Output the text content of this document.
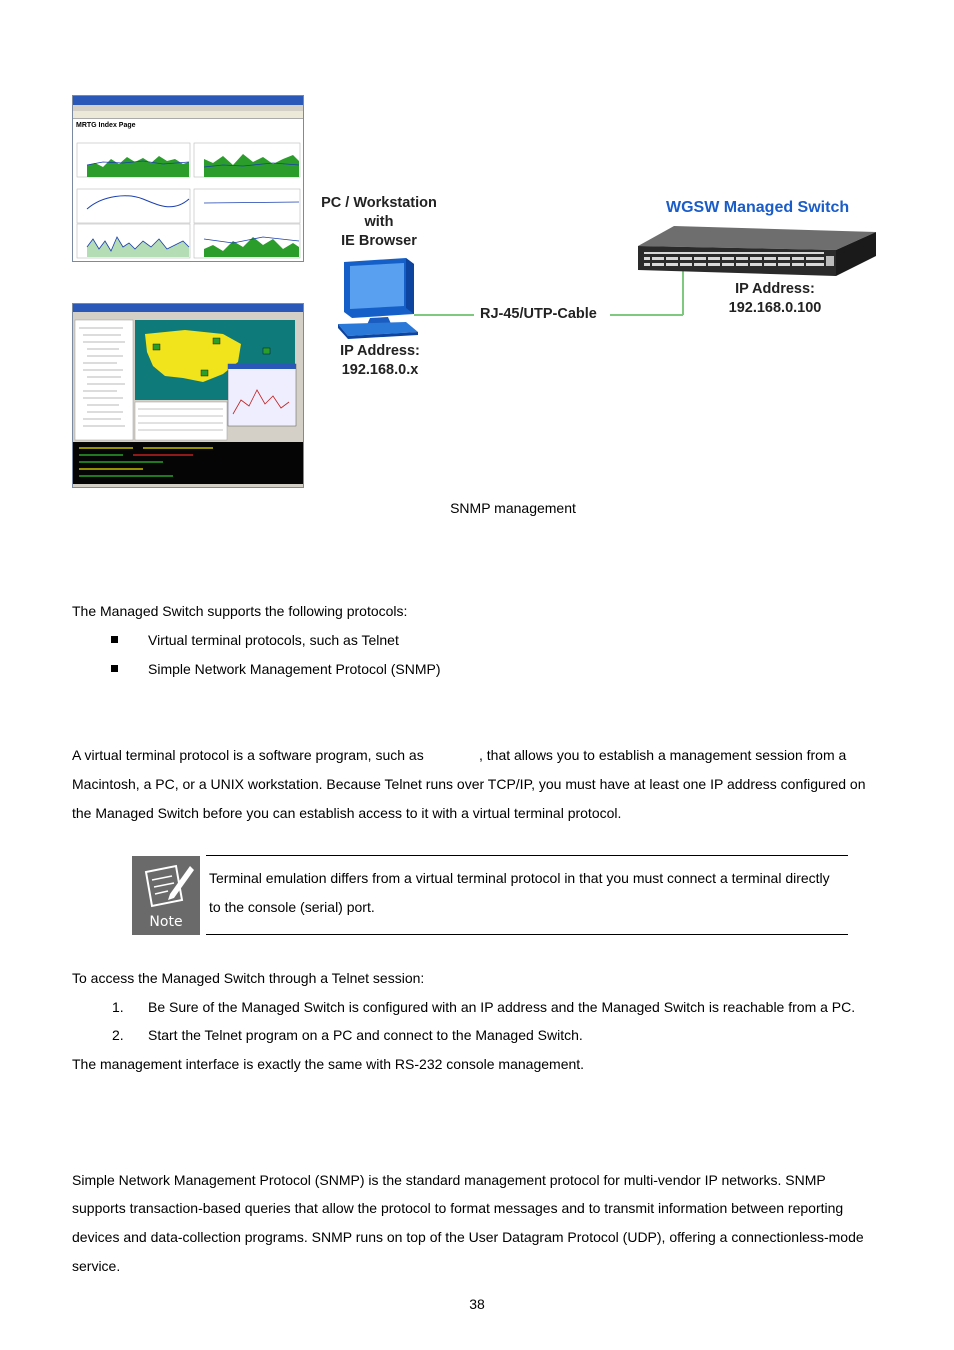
MRTG Index Page
PC / Workstation
with
IE Browser
IP Address:
192.168.0.x
RJ-45/UTP-Cable
WGSW Managed Switch
IP Address:
192.168.0.100
SNMP management
The Managed Switch supports the following protocols:
Virtual terminal protocols, such as Telnet
Simple Network Management Protocol (SNMP)
A virtual terminal protocol is a software program, such as	, that allows you to establish a management session from a
Macintosh, a PC, or a UNIX workstation. Because Telnet runs over TCP/IP, you must have at least one IP address configured on
the Managed Switch before you can establish access to it with a virtual terminal protocol.
Note
Terminal emulation differs from a virtual terminal protocol in that you must connect a terminal directly
to the console (serial) port.
To access the Managed Switch through a Telnet session:
1. Be Sure of the Managed Switch is configured with an IP address and the Managed Switch is reachable from a PC.
2. Start the Telnet program on a PC and connect to the Managed Switch.
The management interface is exactly the same with RS-232 console management.
Simple Network Management Protocol (SNMP) is the standard management protocol for multi-vendor IP networks. SNMP
supports transaction-based queries that allow the protocol to format messages and to transmit information between reporting
devices and data-collection programs. SNMP runs on top of the User Datagram Protocol (UDP), offering a connectionless-mode
service.
38
